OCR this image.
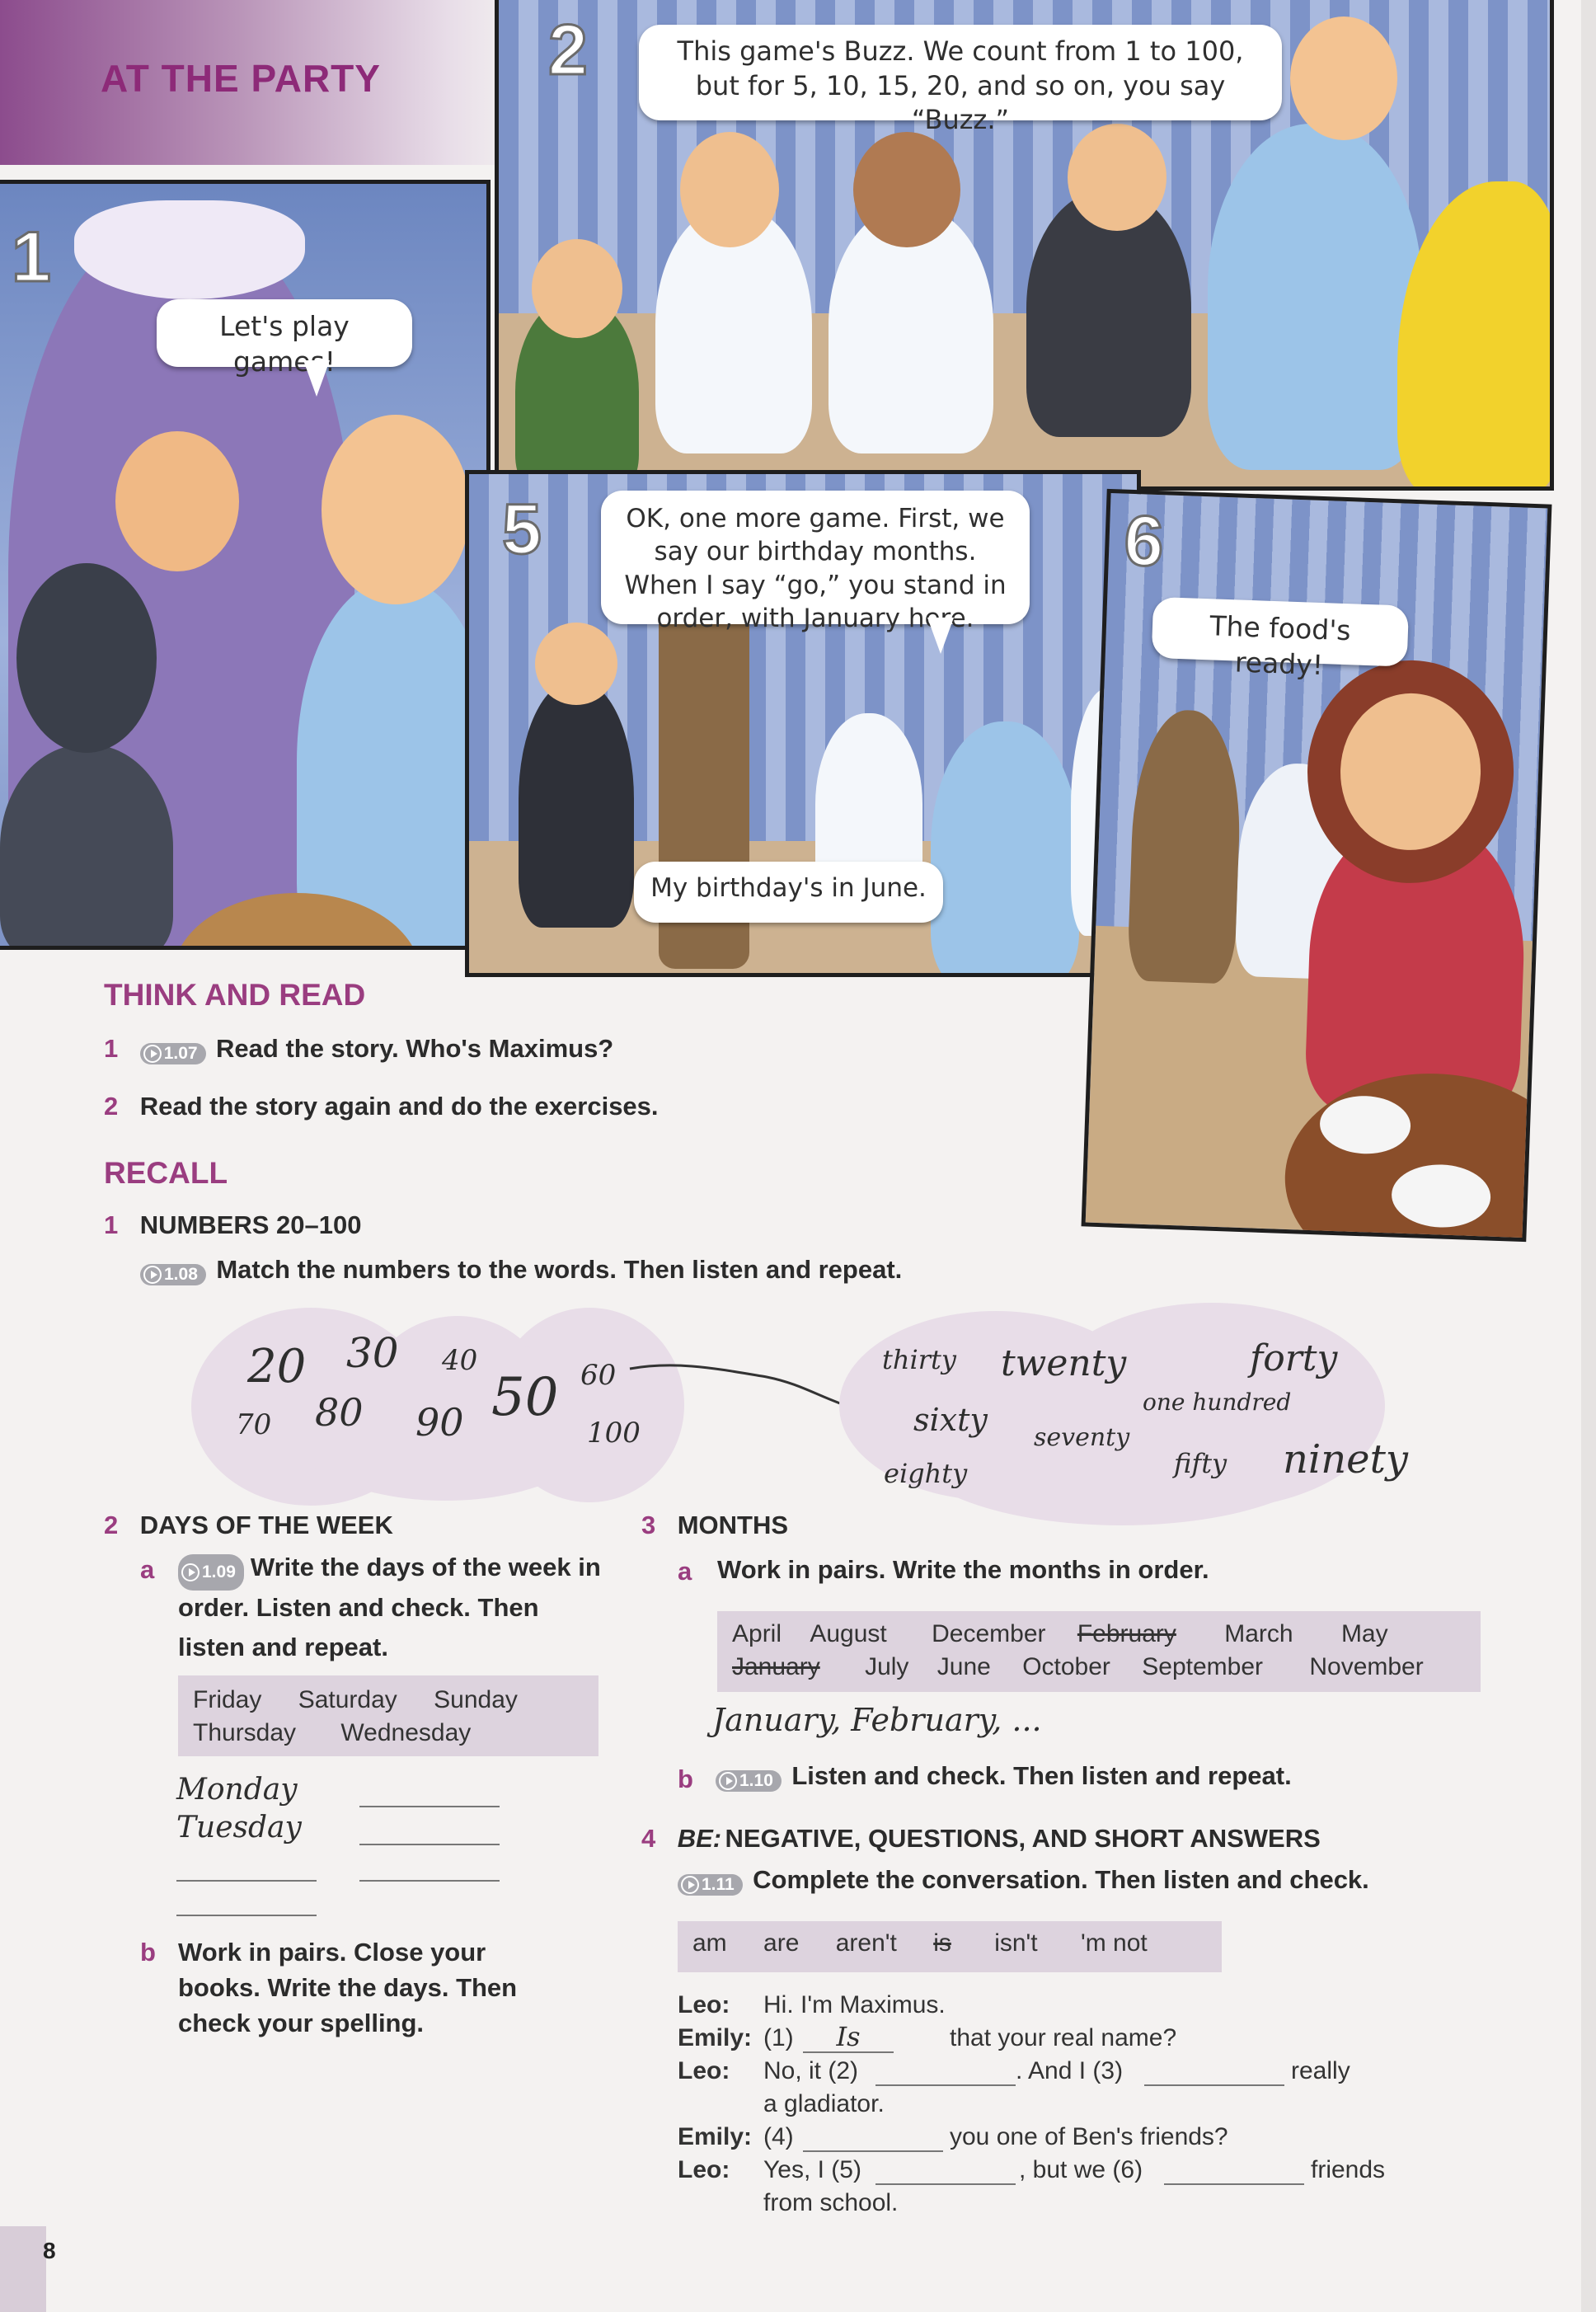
AT THE PARTY
1
Let's play games!
2	This game's Buzz. We count from 1 to 100, but for 5, 10, 15, 20, and so on, you say “Buzz.”
5	OK, one more game. First, we say our birthday months. When I say “go,” you stand in order, with January here.
My birthday's in June.
6
The food's ready!
THINK AND READ
1	1.07 Read the story. Who's Maximus?
2 Read the story again and do the exercises.
RECALL
1 NUMBERS 20–100
1.08 Match the numbers to the words. Then listen and repeat.
20 30 40
50 60
70 80 90	100
thirty twenty	forty
one hundred
sixty seventy
fifty ninety
eighty
2 DAYS OF THE WEEK
a	1.09 Write the days of the week in order. Listen and check. Then listen and repeat.
Friday Saturday Sunday
Thursday Wednesday
Monday
Tuesday
b Work in pairs. Close your books. Write the days. Then check your spelling.
3 MONTHS
a Work in pairs. Write the months in order.
April August December February March May
January July June October September November
January, February, ...
b	1.10 Listen and check. Then listen and repeat.
4 BE: NEGATIVE, QUESTIONS, AND SHORT ANSWERS
1.11 Complete the conversation. Then listen and check.
am are aren't is isn't 'm not
Leo: Hi. I'm Maximus.
Emily: (1)	Is	that your real name?
Leo: No, it (2)	. And I (3)	really
a gladiator.
Emily: (4)	you one of Ben's friends?
Leo: Yes, I (5)	, but we (6)	friends
from school.
8
